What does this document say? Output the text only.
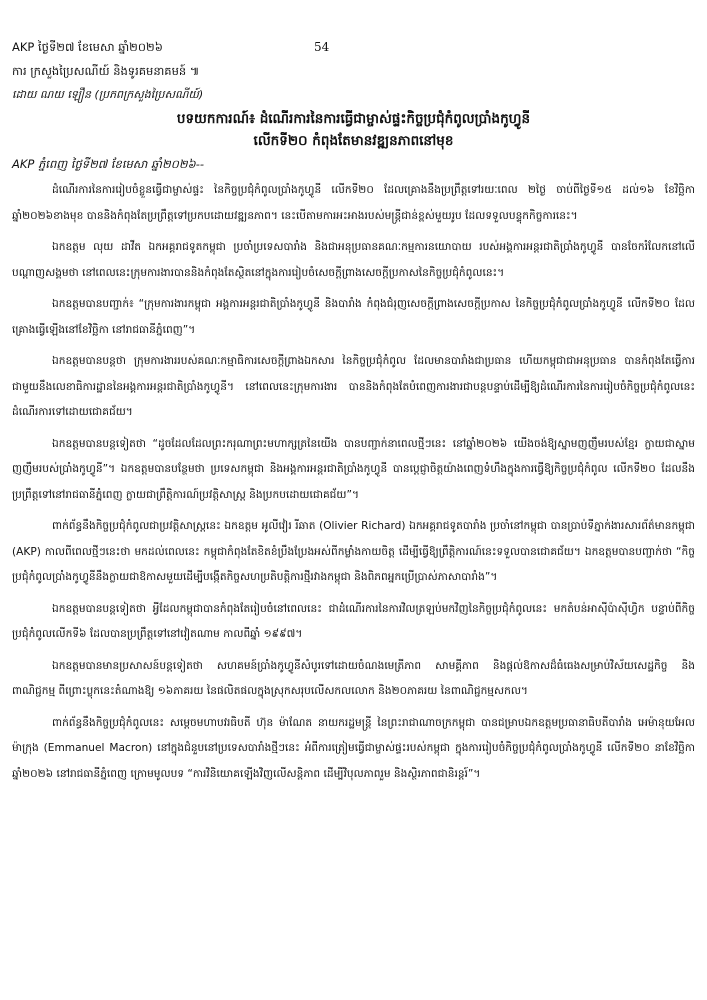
AKP ថ្ងៃទី២៧ ខែមេសា ឆ្នាំ២០២៦	54
ការ ក្រសួងប្រៃសណីយ៍ និងទូរគមនាគមន៍ ៕
ដោយ ណយ ឡឿន (ប្រភពក្រសួងប្រៃសណីយ៍)
បទយកការណ៍៖ ដំណើរការនៃការធ្វើជាម្ចាស់ផ្ទះកិច្ចប្រជុំកំពូលប្រាំងកូហ្វូនី
លើកទី២០ កំពុងតែមានវឌ្ឍនភាពនៅមុខ
AKP ភ្នំពេញ ថ្ងៃទី២៧ ខែមេសា ឆ្នាំ២០២៦--

ដំណើរការនៃការរៀបចំខ្លួនធ្វើជាម្ចាស់ផ្ទះ នៃកិច្ចប្រជុំកំពូលប្រាំងកូហ្វូនី លើកទី២០ ដែលគ្រោងនឹងប្រព្រឹត្តទៅរយៈពេល ២ថ្ងៃ ចាប់ពីថ្ងៃទី១៥ ដល់១៦ ខែវិច្ឆិកា ឆ្នាំ២០២៦ខាងមុខ បាននិងកំពុងតែប្រព្រឹត្តទៅប្រកបដោយវឌ្ឍនភាព។ នេះបើតាមការអះអាងរបស់មន្ត្រីជាន់ខ្ពស់មួយរូប ដែលទទួលបន្ទុកកិច្ចការនេះ។

ឯកឧត្តម លុយ ដាវីត ឯកអគ្គរាជទូតកម្ពុជា ប្រចាំប្រទេសបារាំង និងជាអនុប្រធានគណៈកម្មការនយោបាយ របស់អង្គការអន្តរជាតិប្រាំងកូហ្វូនី បានចែករំលែកនៅលើបណ្តាញសង្គមថា នៅពេលនេះក្រុមការងារបាននិងកំពុងតែស្ថិតនៅក្នុងការរៀបចំសេចក្តីព្រាងសេចក្តីប្រកាសនៃកិច្ចប្រជុំកំពូលនេះ។

ឯកឧត្តមបានបញ្ជាក់៖ “ក្រុមការងារកម្ពុជា អង្គការអន្តរជាតិប្រាំងកូហ្វូនី និងបារាំង កំពុងជំរុញសេចក្តីព្រាងសេចក្តីប្រកាស នៃកិច្ចប្រជុំកំពូលប្រាំងកូហ្វូនី លើកទី២០ ដែលគ្រោងធ្វើឡើងនៅខែវិច្ឆិកា នៅរាជធានីភ្នំពេញ”។

ឯកឧត្តមបានបន្តថា ក្រុមការងាររបស់គណៈកម្មាធិការសេចក្តីព្រាងឯកសារ នៃកិច្ចប្រជុំកំពូល ដែលមានបារាំងជាប្រធាន ហើយកម្ពុជាជាអនុប្រធាន បានកំពុងតែធ្វើការជាមួយនឹងលេខាធិការដ្ឋាននៃអង្គការអន្តរជាតិប្រាំងកូហ្វូនី។ នៅពេលនេះក្រុមការងារ បាននិងកំពុងតែបំពេញការងារជាបន្តបន្ទាប់ដើម្បីឱ្យដំណើរការនៃការរៀបចំកិច្ចប្រជុំកំពូលនេះ ដំណើរការទៅដោយជោគជ័យ។

ឯកឧត្តមបានបន្តទៀតថា “ដូចដែលដែលព្រះករុណាព្រះមហាក្សត្រនៃយើង បានបញ្ជាក់នាពេលថ្មីៗនេះ នៅឆ្នាំ២០២៦ យើងចង់ឱ្យស្នាមញញឹមរបស់ខ្មែរ ក្លាយជាស្នាមញញឹមរបស់ប្រាំងកូហ្វូនី”។ ឯកឧត្តមបានបន្ថែមថា ប្រទេសកម្ពុជា និងអង្គការអន្តរជាតិប្រាំងកូហ្វូនី បានប្តេជ្ញាចិត្តយ៉ាងពេញទំហឹងក្នុងការធ្វើឱ្យកិច្ចប្រជុំកំពូល លើកទី២០ ដែលនឹងប្រព្រឹត្តទៅនៅរាជធានីភ្នំពេញ ក្លាយជាព្រឹត្តិការណ៍ប្រវត្តិសាស្ត្រ និងប្រកបដោយជោគជ័យ”។

ពាក់ព័ន្ធនឹងកិច្ចប្រជុំកំពូលជាប្រវត្តិសាស្ត្រនេះ ឯកឧត្តម អូលីវៀរ រីឆាត (Olivier Richard) ឯកអគ្គរាជទូតបារាំង ប្រចាំនៅកម្ពុជា បានប្រាប់ទីភ្នាក់ងារសារព័ត៌មានកម្ពុជា (AKP) កាលពីពេលថ្មីៗនេះថា មកដល់ពេលនេះ កម្ពុជាកំពុងតែខិតខំប្រឹងប្រែងអស់ពីកម្លាំងកាយចិត្ត ដើម្បីធ្វើឱ្យព្រឹត្តិការណ៍នេះទទួលបានជោគជ័យ។ ឯកឧត្តមបានបញ្ជាក់ថា “កិច្ចប្រជុំកំពូលប្រាំងកូហ្វូនីនឹងក្លាយជាឱកាសមួយដើម្បីបង្កើតកិច្ចសហប្រតិបត្តិការថ្មីរវាងកម្ពុជា និងពិភពអ្នកប្រើប្រាស់ភាសាបារាំង”។

ឯកឧត្តមបានបន្តទៀតថា អ្វីដែលកម្ពុជាបានកំពុងតែរៀបចំនៅពេលនេះ ជាដំណើរការនៃការវិលត្រឡប់មកវិញនៃកិច្ចប្រជុំកំពូលនេះ មកតំបន់អាស៊ីប៉ាស៊ីហ្វិក បន្ទាប់ពីកិច្ចប្រជុំកំពូលលើកទី៦ ដែលបានប្រព្រឹត្តទៅនៅវៀតណាម កាលពីឆ្នាំ ១៩៩៧។

ឯកឧត្តមបានមានប្រសាសន៍បន្តទៀតថា សហគមន៍ប្រាំងកូហ្វូនីសំបូរទៅដោយចំណងមេត្រីភាព សាមគ្គីភាព និងផ្តល់ឱកាសដ៏ធំធេងសម្រាប់វិស័យសេដ្ឋកិច្ច និងពាណិជ្ជកម្ម ពីព្រោះប្លុកនេះតំណាងឱ្យ ១៦ភាគរយ នៃផលិតផលក្នុងស្រុកសរុបលើសកលលោក និង២០ភាគរយ នៃពាណិជ្ជកម្មសកល។

ពាក់ព័ន្ធនឹងកិច្ចប្រជុំកំពូលនេះ សម្តេចមហាបវរធិបតី ហ៊ុន ម៉ាណែត នាយករដ្ឋមន្ត្រី នៃព្រះរាជាណាចក្រកម្ពុជា បានជម្រាបឯកឧត្តមប្រធានាធិបតីបារាំង អេម៉ានុយអែល ម៉ាក្រុង (Emmanuel Macron) នៅក្នុងជំនួបនៅប្រទេសបារាំងថ្មីៗនេះ អំពីការត្រៀមធ្វើជាម្ចាស់ផ្ទះរបស់កម្ពុជា ក្នុងការរៀបចំកិច្ចប្រជុំកំពូលប្រាំងកូហ្វូនី លើកទី២០ នាខែវិច្ឆិកា ឆ្នាំ២០២៦ នៅរាជធានីភ្នំពេញ ក្រោមមូលបទ “ការវិនិយោគឡើងវិញលើសន្តិភាព ដើម្បីវិបុលភាពរួម និងស្ថិរភាពជានិរន្តរ៍”។
